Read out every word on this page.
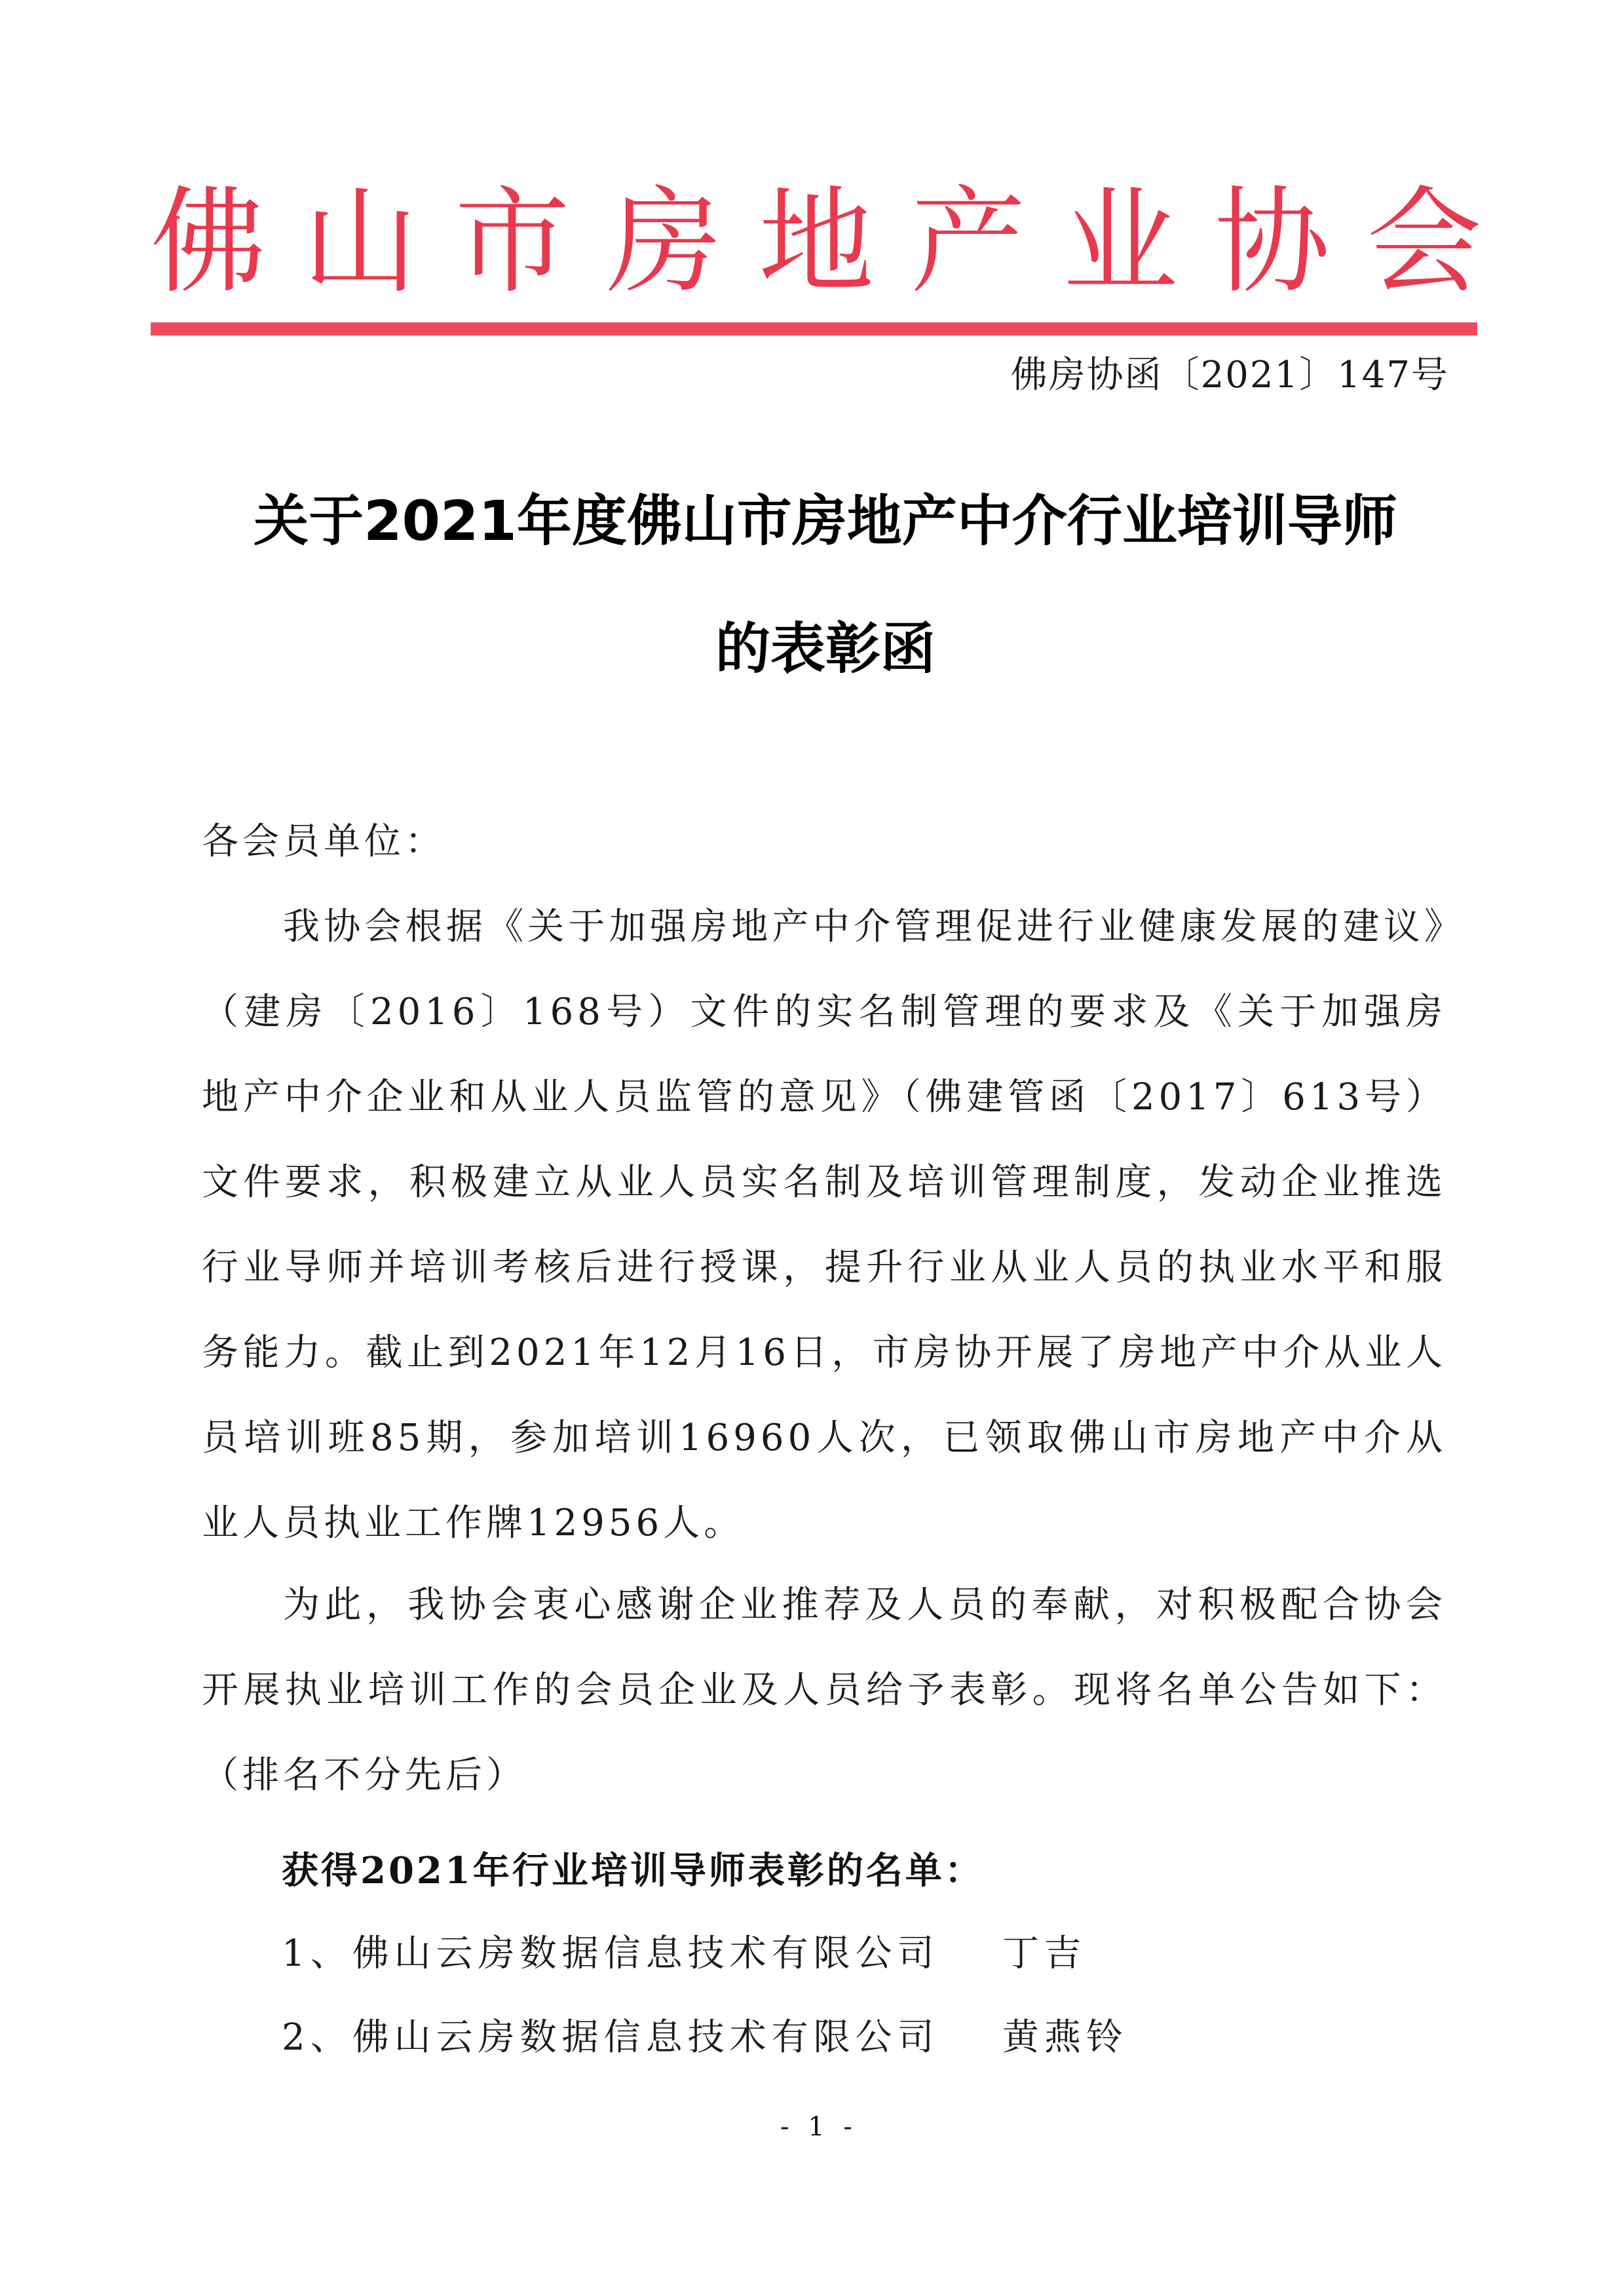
佛山市房地产业协会
佛房协函〔2021〕147号
关于2021年度佛山市房地产中介行业培训导师
的表彰函
各会员单位：
我协会根据《关于加强房地产中介管理促进行业健康发展的建议》（建房〔2016〕168号）文件的实名制管理的要求及《关于加强房地产中介企业和从业人员监管的意见》（佛建管函〔2017〕613号）文件要求，积极建立从业人员实名制及培训管理制度，发动企业推选行业导师并培训考核后进行授课，提升行业从业人员的执业水平和服务能力。截止到2021年12月16日，市房协开展了房地产中介从业人员培训班85期，参加培训16960人次，已领取佛山市房地产中介从业人员执业工作牌12956人。
为此，我协会衷心感谢企业推荐及人员的奉献，对积极配合协会开展执业培训工作的会员企业及人员给予表彰。现将名单公告如下：（排名不分先后）
获得2021年行业培训导师表彰的名单：
1、佛山云房数据信息技术有限公司 丁吉
2、佛山云房数据信息技术有限公司 黄燕铃
- 1 -
